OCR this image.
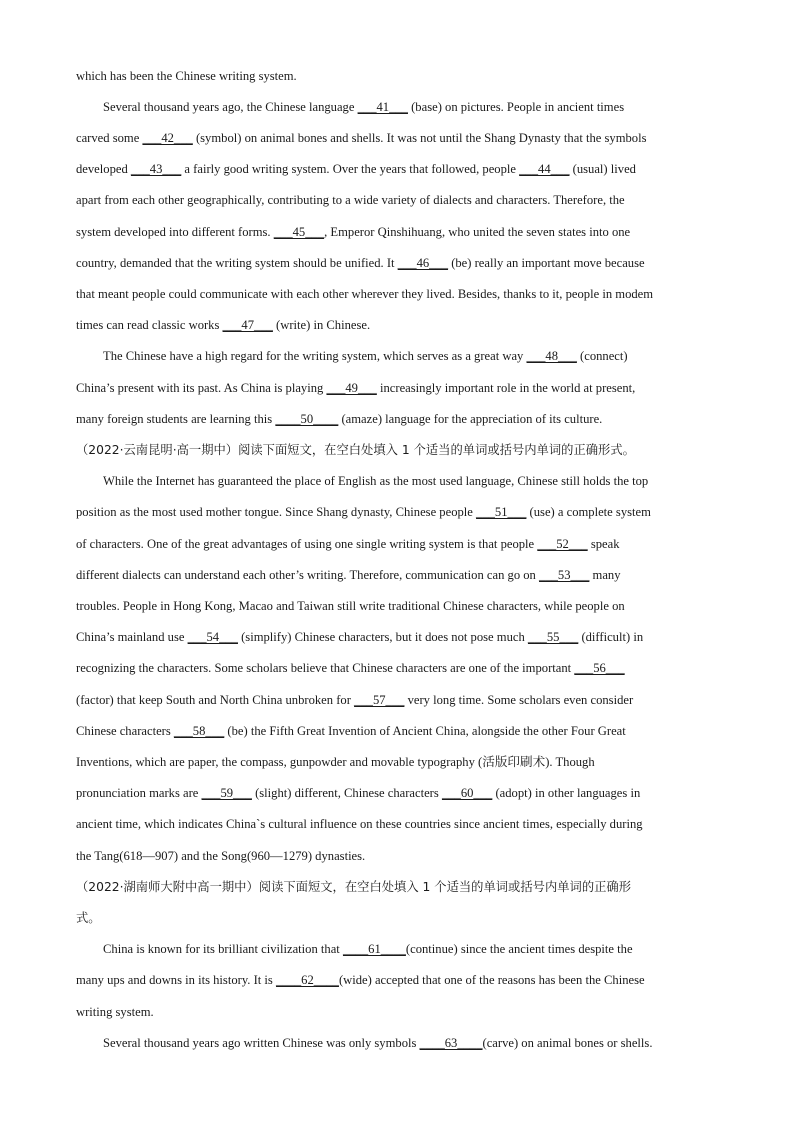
which has been the Chinese writing system.
Several thousand years ago, the Chinese language ___41___ (base) on pictures. People in ancient times
carved some ___42___ (symbol) on animal bones and shells. It was not until the Shang Dynasty that the symbols
developed ___43___ a fairly good writing system. Over the years that followed, people ___44___ (usual) lived
apart from each other geographically, contributing to a wide variety of dialects and characters. Therefore, the
system developed into different forms. ___45___, Emperor Qinshihuang, who united the seven states into one
country, demanded that the writing system should be unified. It ___46___ (be) really an important move because
that meant people could communicate with each other wherever they lived. Besides, thanks to it, people in modem
times can read classic works ___47___ (write) in Chinese.
The Chinese have a high regard for the writing system, which serves as a great way ___48___ (connect)
China’s present with its past. As China is playing ___49___ increasingly important role in the world at present,
many foreign students are learning this ____50____ (amaze) language for the appreciation of its culture.
（2022·云南昆明·高一期中）阅读下面短文，在空白处填入 1 个适当的单词或括号内单词的正确形式。
While the Internet has guaranteed the place of English as the most used language, Chinese still holds the top
position as the most used mother tongue. Since Shang dynasty, Chinese people ___51___ (use) a complete system
of characters. One of the great advantages of using one single writing system is that people ___52___ speak
different dialects can understand each other’s writing. Therefore, communication can go on ___53___ many
troubles. People in Hong Kong, Macao and Taiwan still write traditional Chinese characters, while people on
China’s mainland use ___54___ (simplify) Chinese characters, but it does not pose much ___55___ (difficult) in
recognizing the characters. Some scholars believe that Chinese characters are one of the important ___56___
(factor) that keep South and North China unbroken for ___57___ very long time. Some scholars even consider
Chinese characters ___58___ (be) the Fifth Great Invention of Ancient China, alongside the other Four Great
Inventions, which are paper, the compass, gunpowder and movable typography (活版印刷术). Though
pronunciation marks are ___59___ (slight) different, Chinese characters ___60___ (adopt) in other languages in
ancient time, which indicates China`s cultural influence on these countries since ancient times, especially during
the Tang(618—907) and the Song(960—1279) dynasties.
（2022·湖南师大附中高一期中）阅读下面短文，在空白处填入 1 个适当的单词或括号内单词的正确形
式。
China is known for its brilliant civilization that ____61____(continue) since the ancient times despite the
many ups and downs in its history. It is ____62____(wide) accepted that one of the reasons has been the Chinese
writing system.
Several thousand years ago written Chinese was only symbols ____63____(carve) on animal bones or shells.
